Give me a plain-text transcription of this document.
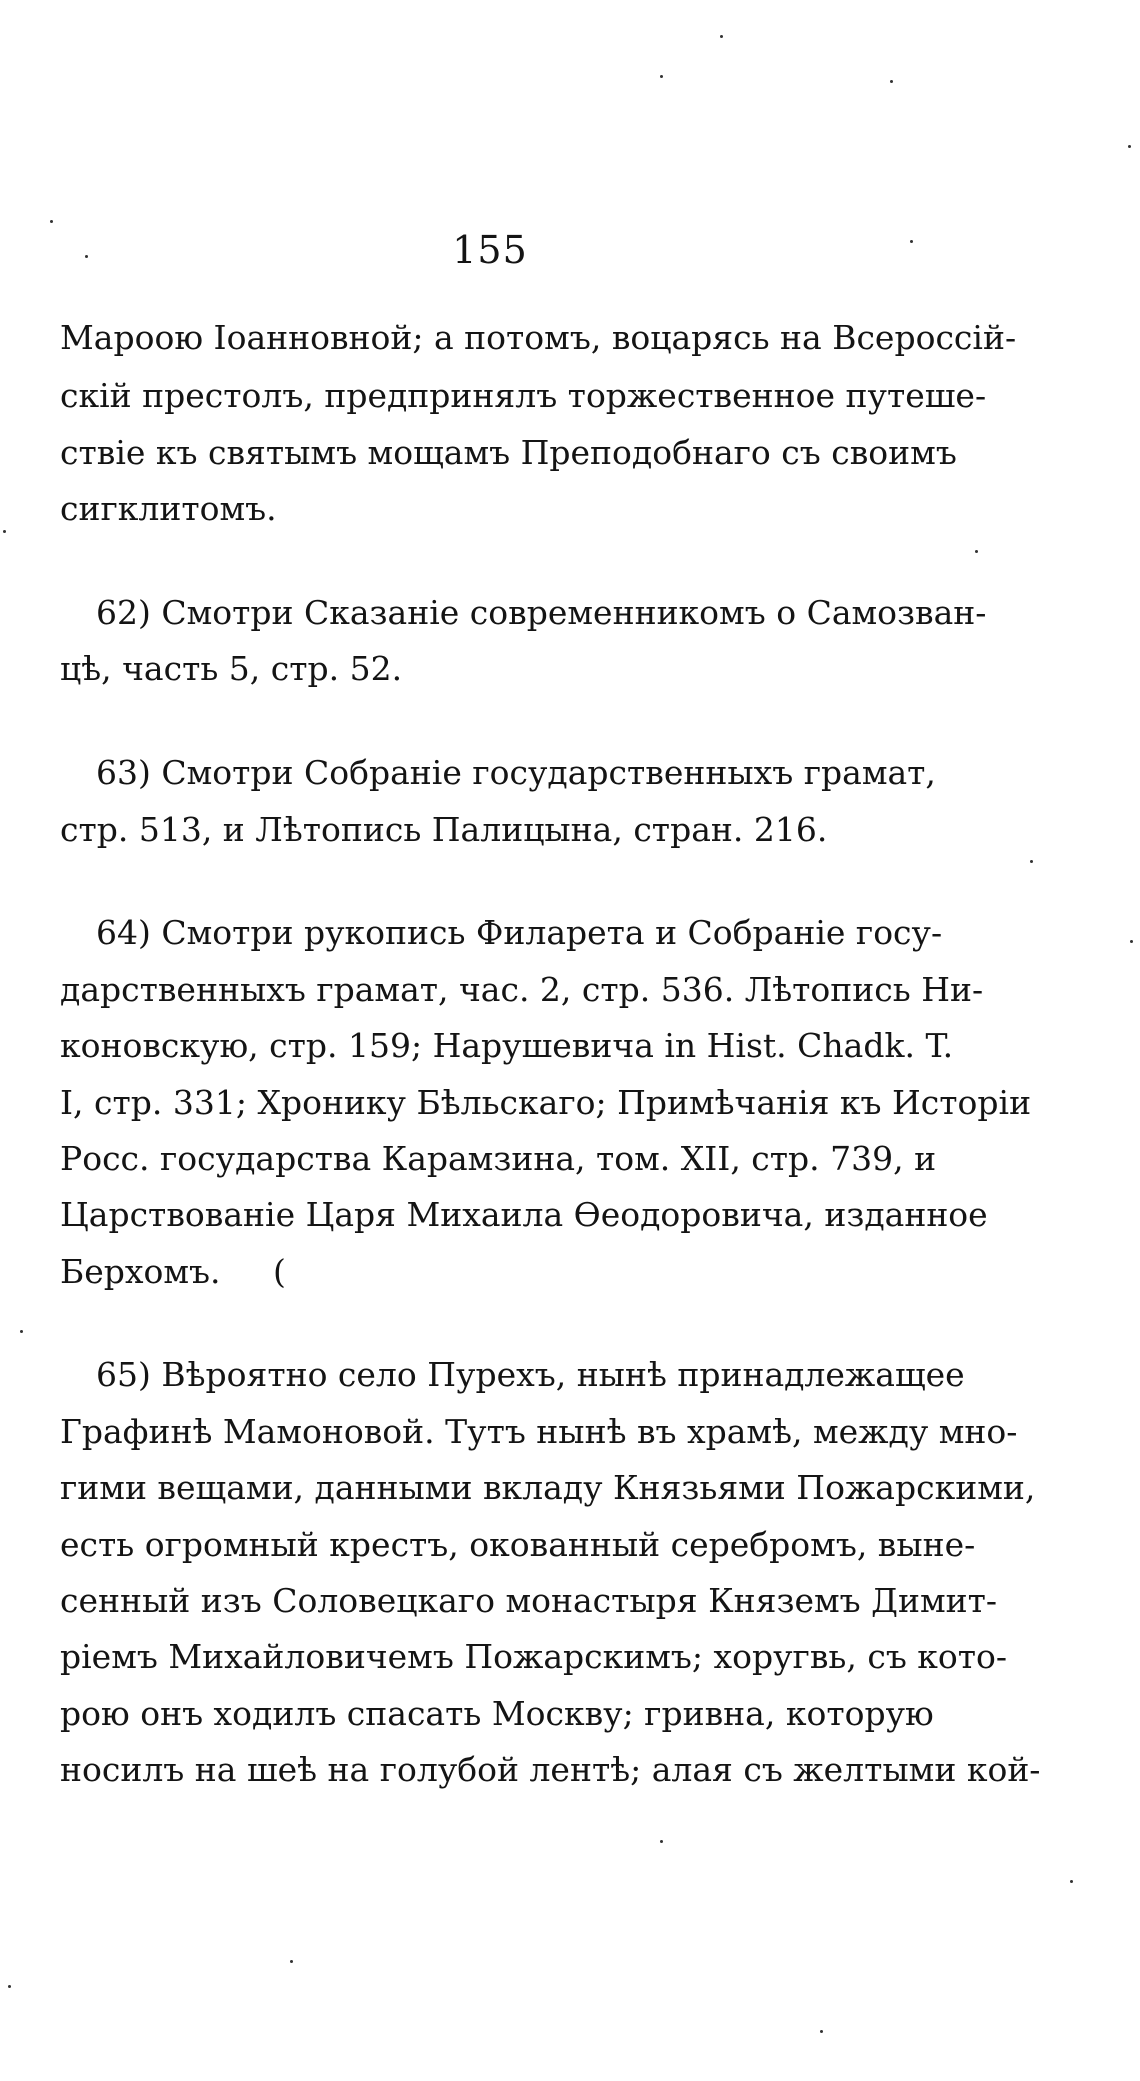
155
Мароою Іоанновной; а потомъ, воцарясь на Всероссій-
скій престолъ, предпринялъ торжественное путеше-
ствіе къ святымъ мощамъ Преподобнаго съ своимъ
сигклитомъ.
62) Смотри Сказаніе современникомъ о Самозван-
цѣ, часть 5, стр. 52.
63) Смотри Собраніе государственныхъ грамат,
стр. 513, и Лѣтопись Палицына, стран. 216.
64) Смотри рукопись Филарета и Собраніе госу-
дарственныхъ грамат, час. 2, стр. 536. Лѣтопись Ни-
коновскую, стр. 159; Нарушевича in Hist. Chadk. T.
I, стр. 331; Хронику Бѣльскаго; Примѣчанія къ Исторіи
Росс. государства Карамзина, том. XII, стр. 739, и
Царствованіе Царя Михаила Өеодоровича, изданное
Берхомъ.     (
65) Вѣроятно село Пурехъ, нынѣ принадлежащее
Графинѣ Мамоновой. Тутъ нынѣ въ храмѣ, между мно-
гими вещами, данными вкладу Князьями Пожарскими,
есть огромный крестъ, окованный серебромъ, выне-
сенный изъ Соловецкаго монастыря Княземъ Димит-
ріемъ Михайловичемъ Пожарскимъ; хоругвь, съ кото-
рою онъ ходилъ спасать Москву; гривна, которую
носилъ на шеѣ на голубой лентѣ; алая съ желтыми кой-
